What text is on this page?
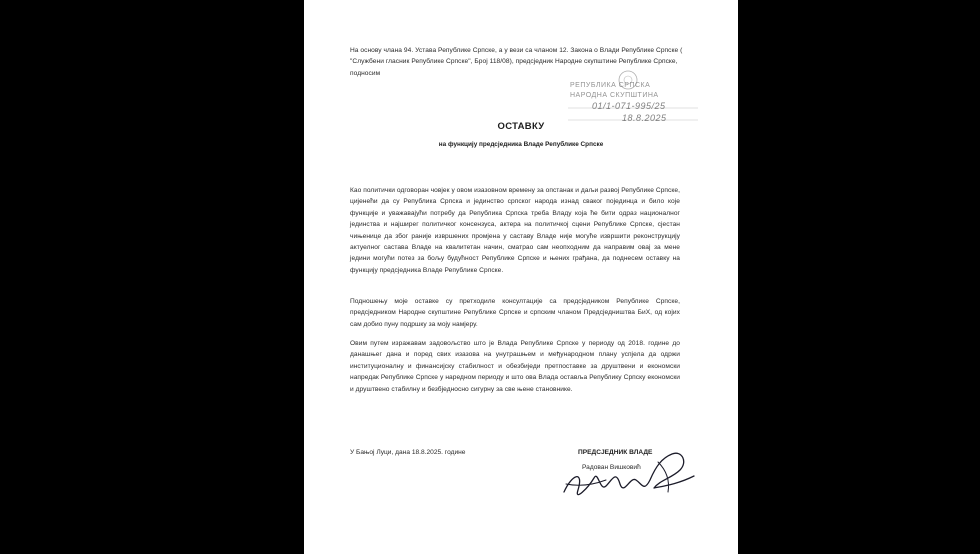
На основу члана 94. Устава Републике Српске, а у вези са чланом 12. Закона о Влади Републике Српске ( "Службени гласник Републике Српске", Број 118/08), предсједник Народне скупштине Републике Српске, подносим
РЕПУБЛИКА СРПСКА
НАРОДНА СКУПШТИНА
01/1-071-995/25
18.8.2025
ОСТАВКУ
на функцију предсједника Владе Републике Српске
Као политички одговоран човјек у овом изазовном времену за опстанак и даљи развој Републике Српске, цијенећи да су Република Српска и јединство српског народа изнад сваког појединца и било које функције и уважавајући потребу да Република Српска треба Владу која ће бити одраз националног јединства и најширег политичког консензуса, актера на политичкој сцени Републике Српске, сјестан чињенице да због раније извршених промјена у саставу Владе није могуће извршити реконструкцију актуелног састава Владе на квалитетан начин, сматрао сам неопходним да направим овај за мене једини могући потез за бољу будућност Републике Српске и њених грађана, да поднесем оставку на функцију предсједника Владе Републике Српске.
Подношењу моје оставке су претходиле консултације са предсједником Републике Српске, предсједником Народне скупштине Републике Српске и српским чланом Предсједништва БиХ, од којих сам добио пуну подршку за моју намјеру.
Овим путем изражавам задовољство што је Влада Републике Српске у периоду од 2018. године до данашњег дана и поред свих изазова на унутрашњем и међународном плану успјела да одржи институционалну и финансијску стабилност и обезбиједи претпоставке за друштвени и економски напредак Републике Српске у наредном периоду и што ова Влада оставља Републику Српску економски и друштвено стабилну и безбједносно сигурну за све њене становнике.
У Бањој Луци, дана 18.8.2025. године	ПРЕДСЈЕДНИК ВЛАДЕ
Радован Вишковић
